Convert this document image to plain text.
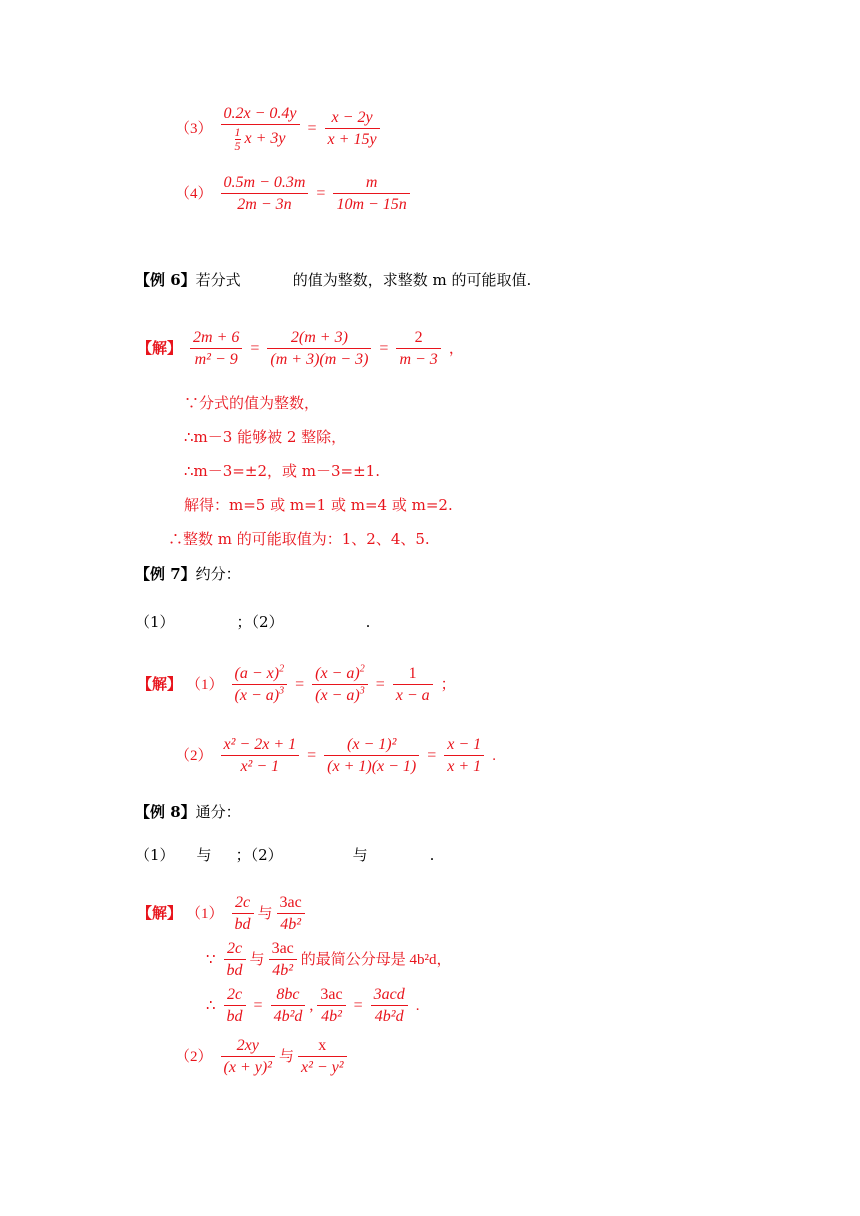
$(3) \frac{0.2x - 0.4y}{\frac{1}{5} x + 3y} = \frac{x - 2y}{x + 15y}$
$(4) \frac{0.5m - 0.3m}{2m - 3n} = \frac{m}{10m - 15n}$
【例 6】若分式	的值为整数，求整数 m 的可能取值.
【解】 $\frac{2m + 6}{\text{m² − 9}} = \frac{2(m + 3)}{(m + 3)(m - 3)} = \frac{2}{m - 3}$ ，
∵分式的值为整数，
∴m－3 能够被 2 整除，
∴m－3=±2，或 m－3=±1.
解得：m=5 或 m=1 或 m=4 或 m=2.
∴整数 m 的可能取值为：1、2、4、5.
【例 7】约分：
（1）	；（2）	.
【解】 $(1) \frac{(a - x)^2}{(x - a)^3} = \frac{(x - a)^2}{(x - a)^3} = \frac{1}{x - a}$ ；
$(2) \frac{\text{x² − 2x + 1}}{\text{x² − 1}} = \frac{\text{(x − 1)²}}{(x + 1)(x - 1)} = \frac{x - 1}{x + 1}$ .
【例 8】通分：
（1） 与 ；（2）	与	.
【解】 $(1) \frac{2c}{bd}$ 与 $\frac{3ac}{\text{4b²}}$
∵ $\frac{2c}{bd}$ 与 $\frac{3ac}{\text{4b²}}$ 的最简公分母是 4b²d，
∴ $\frac{2c}{bd} = \frac{8bc}{\text{4b²d}}$ , $\frac{3ac}{\text{4b²}} = \frac{\text{3acd}}{\text{4b²d}}$ .
$(2) \frac{2xy}{\text{(x + y)²}}$ 与 $\frac{x}{\text{x² − y²}}$
